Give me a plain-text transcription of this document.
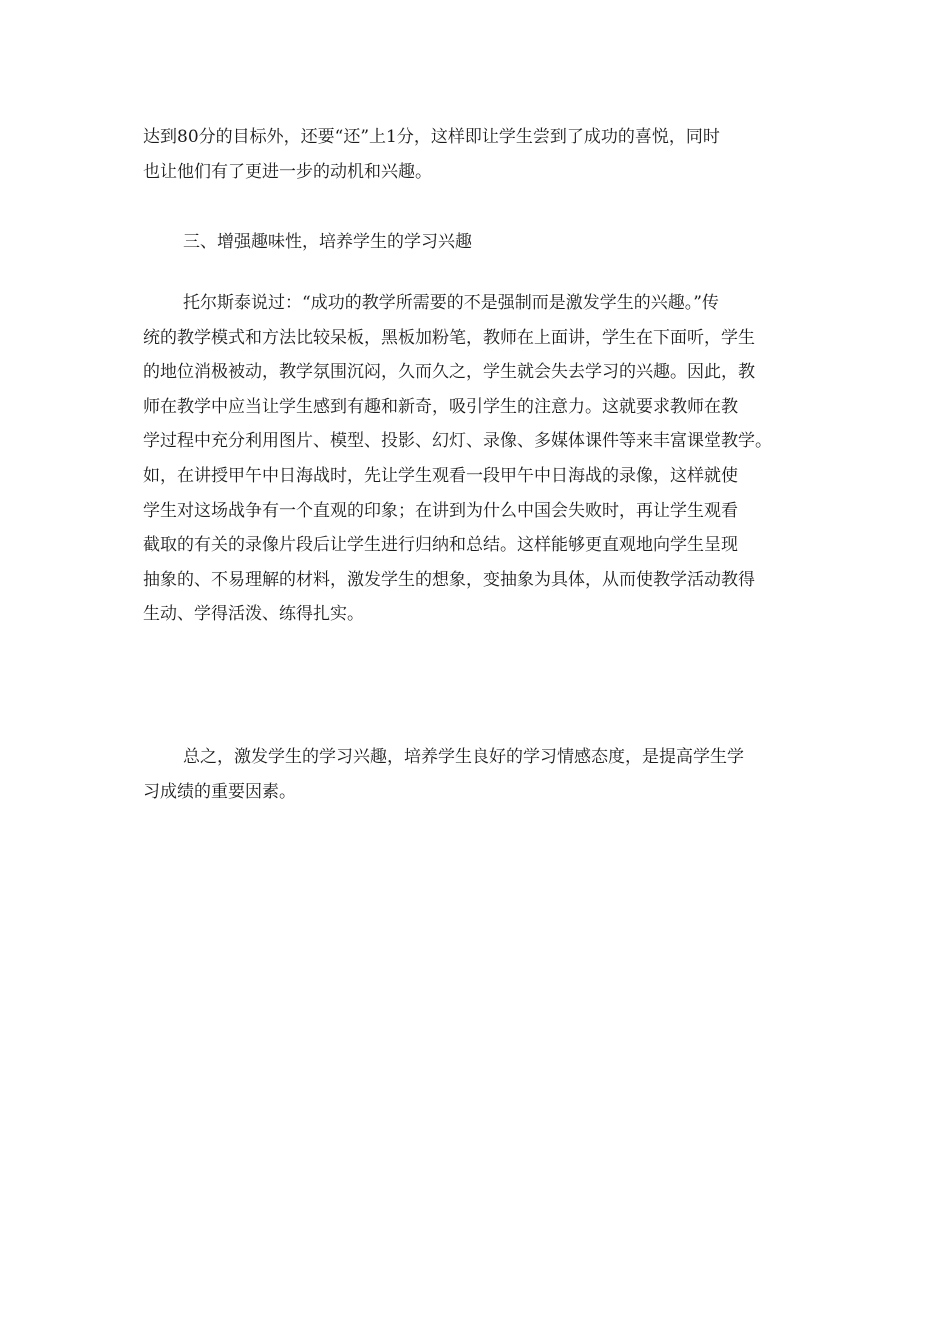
达到80分的目标外，还要“还”上1分，这样即让学生尝到了成功的喜悦，同时
也让他们有了更进一步的动机和兴趣。

三、增强趣味性，培养学生的学习兴趣

托尔斯泰说过：“成功的教学所需要的不是强制而是激发学生的兴趣。”传
统的教学模式和方法比较呆板，黑板加粉笔，教师在上面讲，学生在下面听，学生
的地位消极被动，教学氛围沉闷，久而久之，学生就会失去学习的兴趣。因此，教
师在教学中应当让学生感到有趣和新奇，吸引学生的注意力。这就要求教师在教
学过程中充分利用图片、模型、投影、幻灯、录像、多媒体课件等来丰富课堂教学。
如，在讲授甲午中日海战时，先让学生观看一段甲午中日海战的录像，这样就使
学生对这场战争有一个直观的印象；在讲到为什么中国会失败时，再让学生观看
截取的有关的录像片段后让学生进行归纳和总结。这样能够更直观地向学生呈现
抽象的、不易理解的材料，激发学生的想象，变抽象为具体，从而使教学活动教得
生动、学得活泼、练得扎实。

总之，激发学生的学习兴趣，培养学生良好的学习情感态度，是提高学生学
习成绩的重要因素。
